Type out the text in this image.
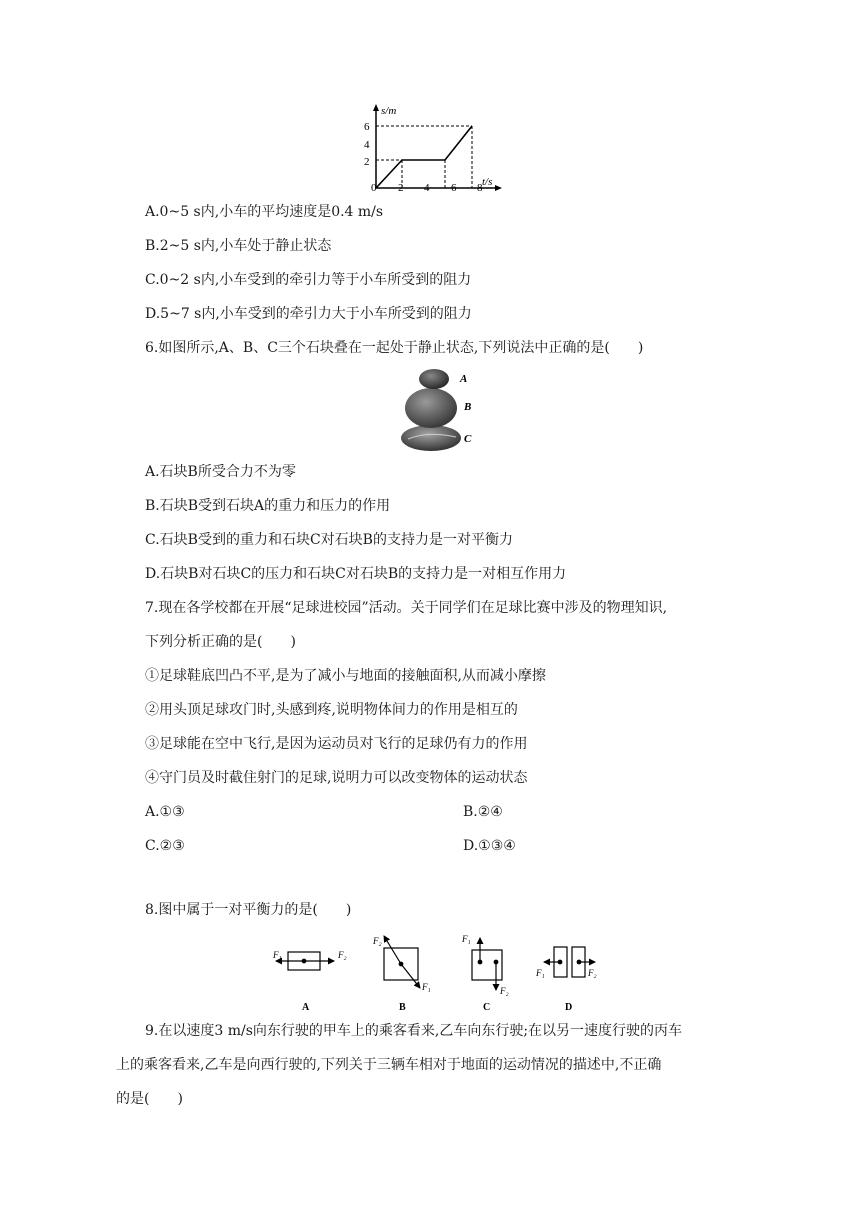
s/m
t/s
6
4
2
0 2 4 6 8
A.0~5 s内,小车的平均速度是0.4 m/s
B.2~5 s内,小车处于静止状态
C.0~2 s内,小车受到的牵引力等于小车所受到的阻力
D.5~7 s内,小车受到的牵引力大于小车所受到的阻力
6.如图所示,A、B、C三个石块叠在一起处于静止状态,下列说法中正确的是(　　)
A
B
C
A.石块B所受合力不为零
B.石块B受到石块A的重力和压力的作用
C.石块B受到的重力和石块C对石块B的支持力是一对平衡力
D.石块B对石块C的压力和石块C对石块B的支持力是一对相互作用力
7.现在各学校都在开展“足球进校园”活动。关于同学们在足球比赛中涉及的物理知识,
下列分析正确的是(　　)
①足球鞋底凹凸不平,是为了减小与地面的接触面积,从而减小摩擦
②用头顶足球攻门时,头感到疼,说明物体间力的作用是相互的
③足球能在空中飞行,是因为运动员对飞行的足球仍有力的作用
④守门员及时截住射门的足球,说明力可以改变物体的运动状态
A.①③	B.②④
C.②③	D.①③④
8.图中属于一对平衡力的是(　　)
F₁	F₂
A
F₂
F₁
B
F₁
F₂
C
F₁	F₂
D
9.在以速度3 m/s向东行驶的甲车上的乘客看来,乙车向东行驶;在以另一速度行驶的丙车
上的乘客看来,乙车是向西行驶的,下列关于三辆车相对于地面的运动情况的描述中,不正确
的是(　　)
